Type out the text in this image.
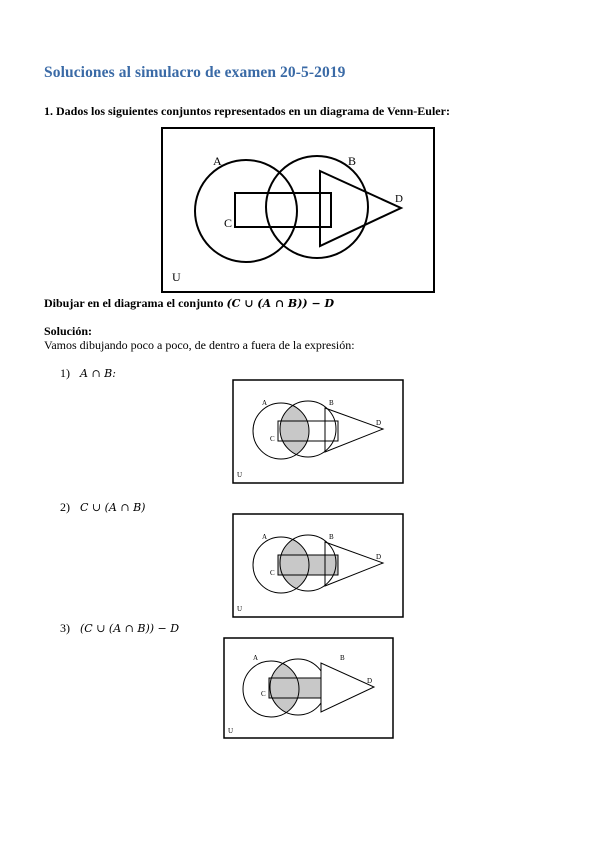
Soluciones al simulacro de examen 20-5-2019
1. Dados los siguientes conjuntos representados en un diagrama de Venn-Euler:
A	B
C
D
U
Dibujar en el diagrama el conjunto (C ∪ (A ∩ B)) − D
Solución:
Vamos dibujando poco a poco, de dentro a fuera de la expresión:
1) A ∩ B:
A	B
C
D
U
2) C ∪ (A ∩ B)
A	B
C
D
U
3) (C ∪ (A ∩ B)) − D
A	B
C
D
U
